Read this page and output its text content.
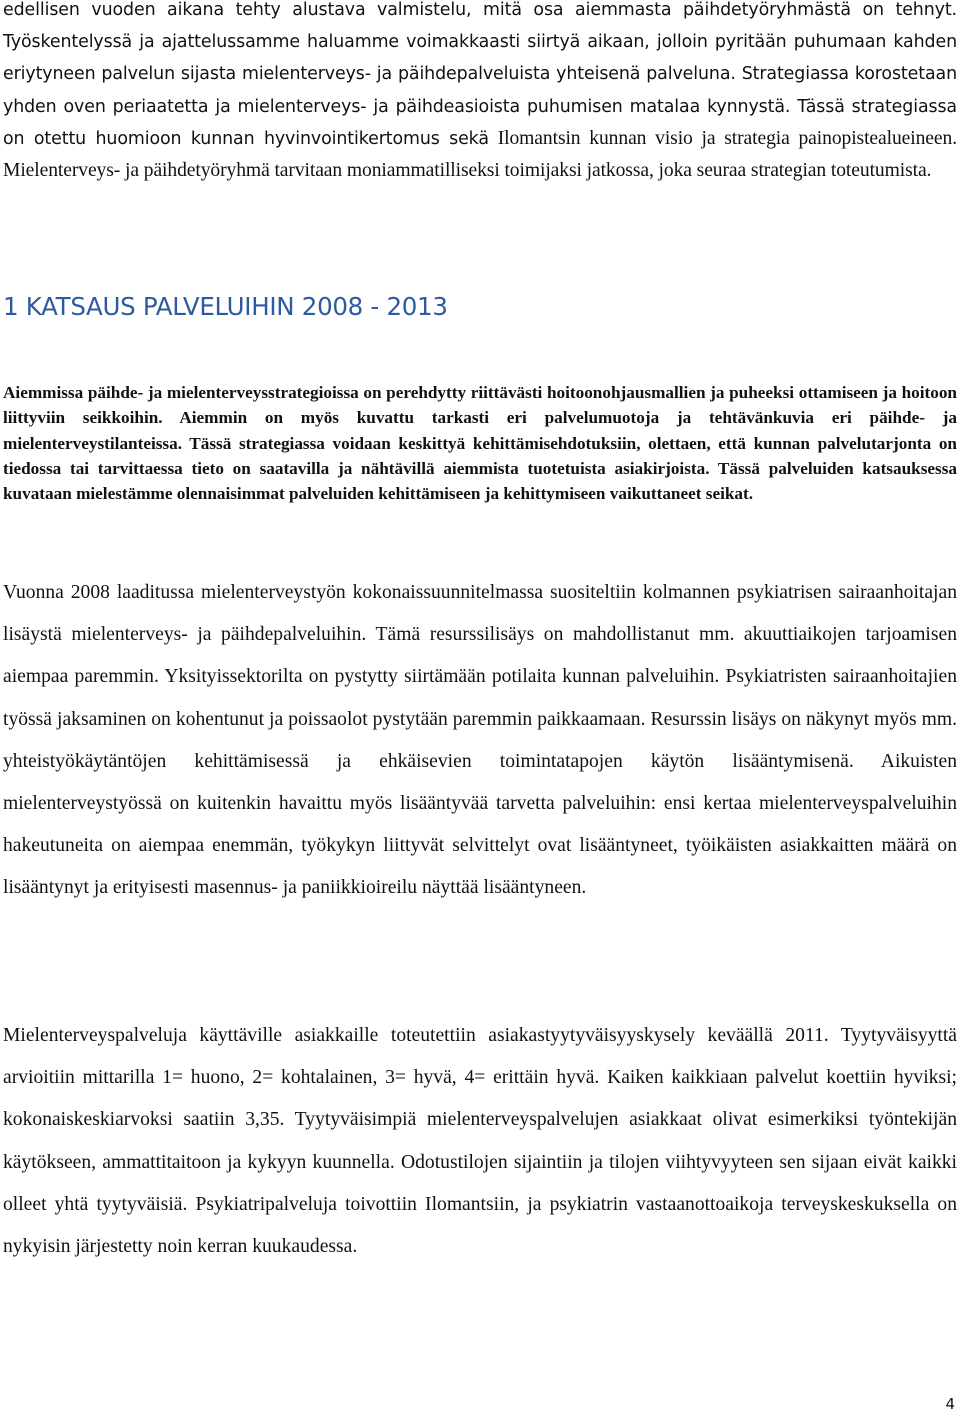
edellisen vuoden aikana tehty alustava valmistelu, mitä osa aiemmasta päihdetyöryhmästä on tehnyt. Työskentelyssä ja ajattelussamme haluamme voimakkaasti siirtyä aikaan, jolloin pyritään puhumaan kahden eriytyneen palvelun sijasta mielenterveys- ja päihdepalveluista yhteisenä palveluna. Strategiassa korostetaan yhden oven periaatetta ja mielenterveys- ja päihdeasioista puhumisen matalaa kynnystä. Tässä strategiassa on otettu huomioon kunnan hyvinvointikertomus sekä Ilomantsin kunnan visio ja strategia painopistealueineen. Mielenterveys- ja päihdetyöryhmä tarvitaan moniammatilliseksi toimijaksi jatkossa, joka seuraa strategian toteutumista.

1 KATSAUS PALVELUIHIN 2008 - 2013

Aiemmissa päihde- ja mielenterveysstrategioissa on perehdytty riittävästi hoitoonohjausmallien ja puheeksi ottamiseen ja hoitoon liittyviin seikkoihin. Aiemmin on myös kuvattu tarkasti eri palvelumuotoja ja tehtävänkuvia eri päihde- ja mielenterveystilanteissa. Tässä strategiassa voidaan keskittyä kehittämisehdotuksiin, olettaen, että kunnan palvelutarjonta on tiedossa tai tarvittaessa tieto on saatavilla ja nähtävillä aiemmista tuotetuista asiakirjoista. Tässä palveluiden katsauksessa kuvataan mielestämme olennaisimmat palveluiden kehittämiseen ja kehittymiseen vaikuttaneet seikat.

Vuonna 2008 laaditussa mielenterveystyön kokonaissuunnitelmassa suositeltiin kolmannen psykiatrisen sairaanhoitajan lisäystä mielenterveys- ja päihdepalveluihin. Tämä resurssilisäys on mahdollistanut mm. akuuttiaikojen tarjoamisen aiempaa paremmin. Yksityissektorilta on pystytty siirtämään potilaita kunnan palveluihin. Psykiatristen sairaanhoitajien työssä jaksaminen on kohentunut ja poissaolot pystytään paremmin paikkaamaan. Resurssin lisäys on näkynyt myös mm. yhteistyökäytäntöjen kehittämisessä ja ehkäisevien toimintatapojen käytön lisääntymisenä. Aikuisten mielenterveystyössä on kuitenkin havaittu myös lisääntyvää tarvetta palveluihin: ensi kertaa mielenterveyspalveluihin hakeutuneita on aiempaa enemmän, työkykyn liittyvät selvittelyt ovat lisääntyneet, työikäisten asiakkaitten määrä on lisääntynyt ja erityisesti masennus- ja paniikkioireilu näyttää lisääntyneen.

Mielenterveyspalveluja käyttäville asiakkaille toteutettiin asiakastyytyväisyyskysely keväällä 2011. Tyytyväisyyttä arvioitiin mittarilla 1= huono, 2= kohtalainen, 3= hyvä, 4= erittäin hyvä. Kaiken kaikkiaan palvelut koettiin hyviksi; kokonaiskeskiarvoksi saatiin 3,35. Tyytyväisimpiä mielenterveyspalvelujen asiakkaat olivat esimerkiksi työntekijän käytökseen, ammattitaitoon ja kykyyn kuunnella. Odotustilojen sijaintiin ja tilojen viihtyvyyteen sen sijaan eivät kaikki olleet yhtä tyytyväisiä. Psykiatripalveluja toivottiin Ilomantsiin, ja psykiatrin vastaanottoaikoja terveyskeskuksella on nykyisin järjestetty noin kerran kuukaudessa.

4
